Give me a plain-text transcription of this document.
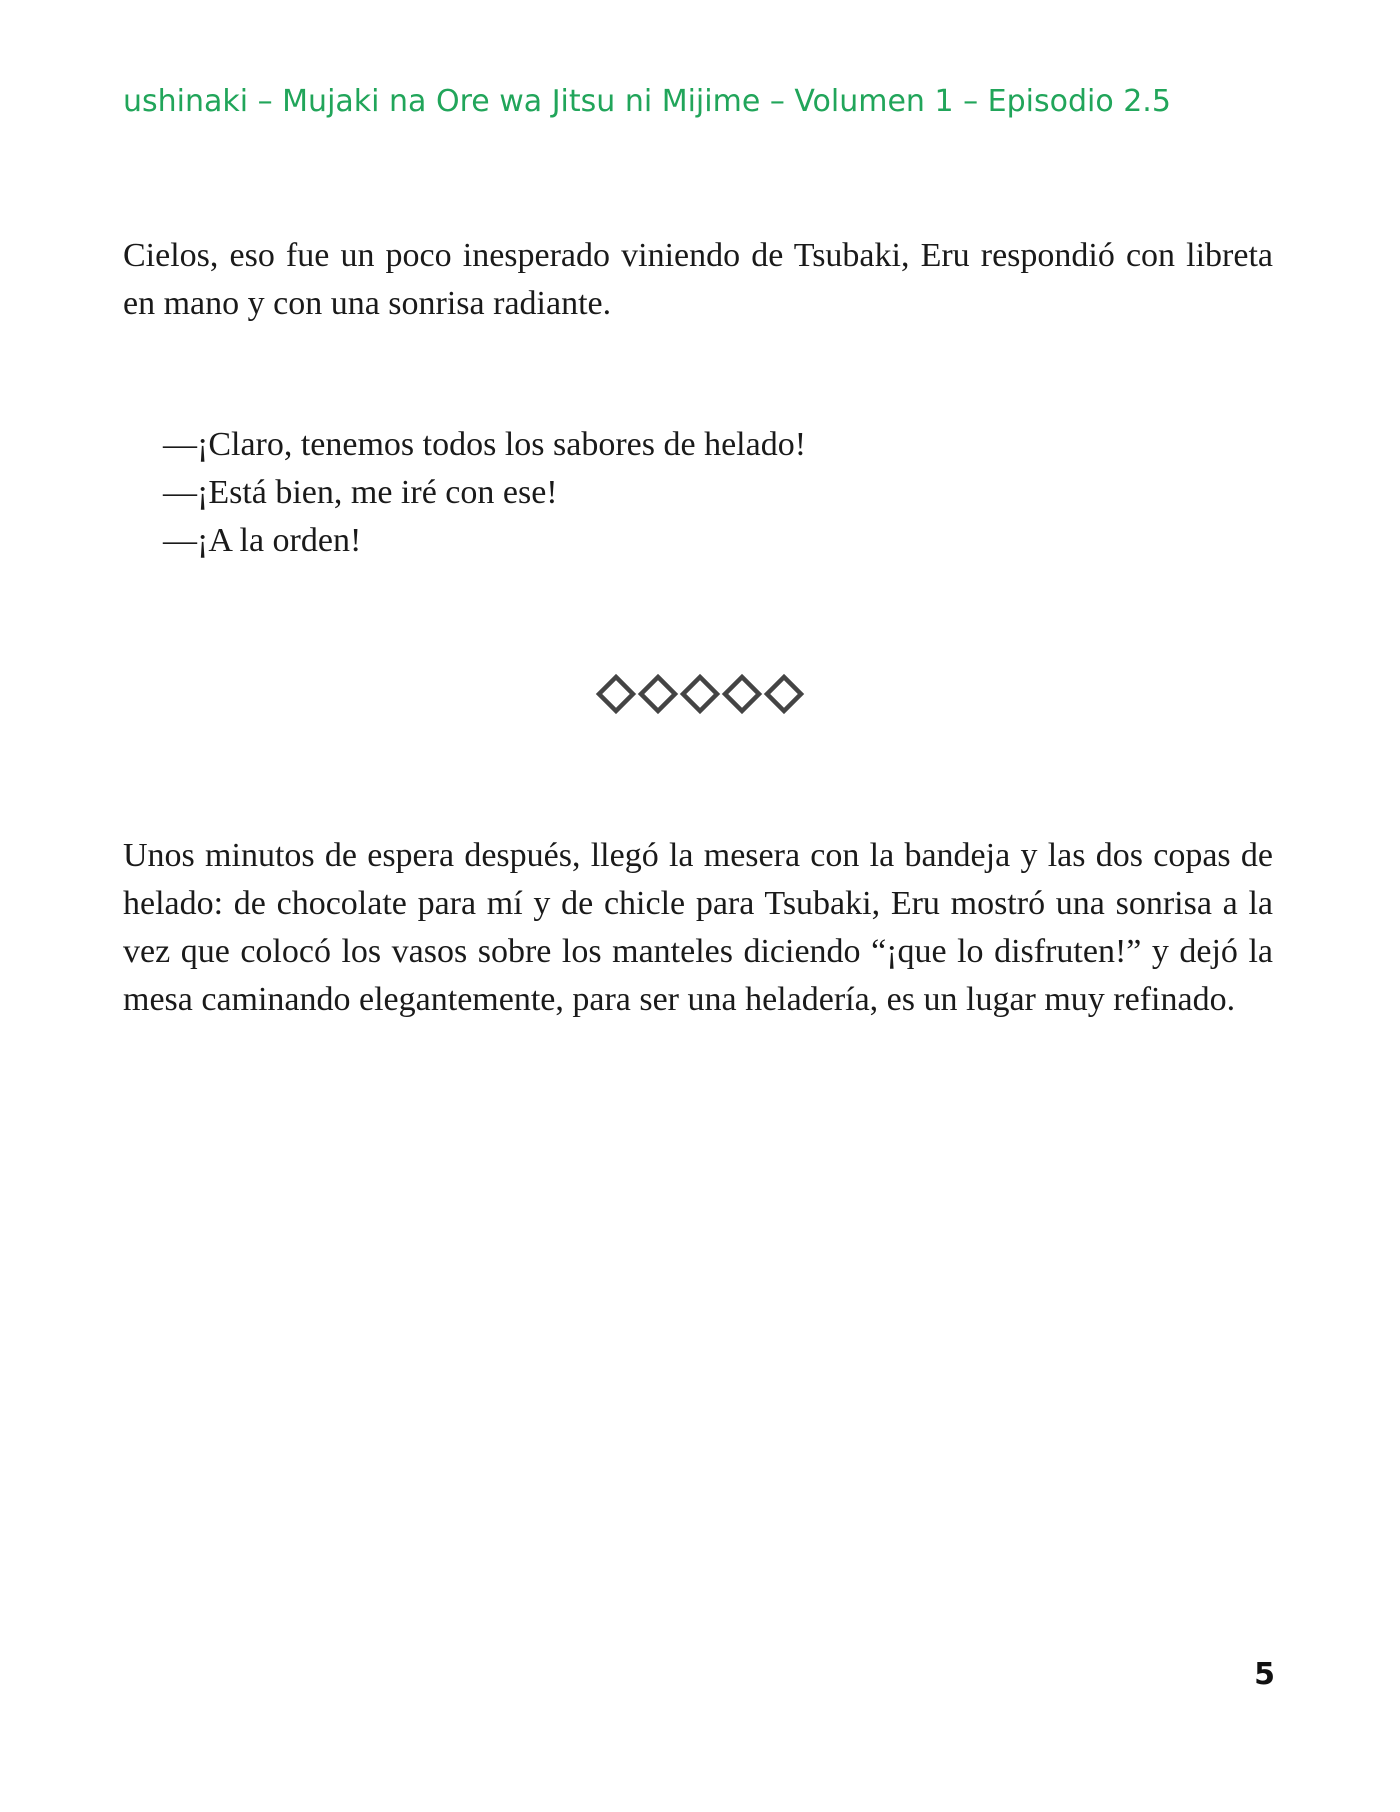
ushinaki – Mujaki na Ore wa Jitsu ni Mijime – Volumen 1 – Episodio 2.5

Cielos, eso fue un poco inesperado viniendo de Tsubaki, Eru respondió con libreta en mano y con una sonrisa radiante.

—¡Claro, tenemos todos los sabores de helado!
—¡Está bien, me iré con ese!
—¡A la orden!

Unos minutos de espera después, llegó la mesera con la bandeja y las dos copas de helado: de chocolate para mí y de chicle para Tsubaki, Eru mostró una sonrisa a la vez que colocó los vasos sobre los manteles diciendo “¡que lo disfruten!” y dejó la mesa caminando elegantemente, para ser una heladería, es un lugar muy refinado.

5
